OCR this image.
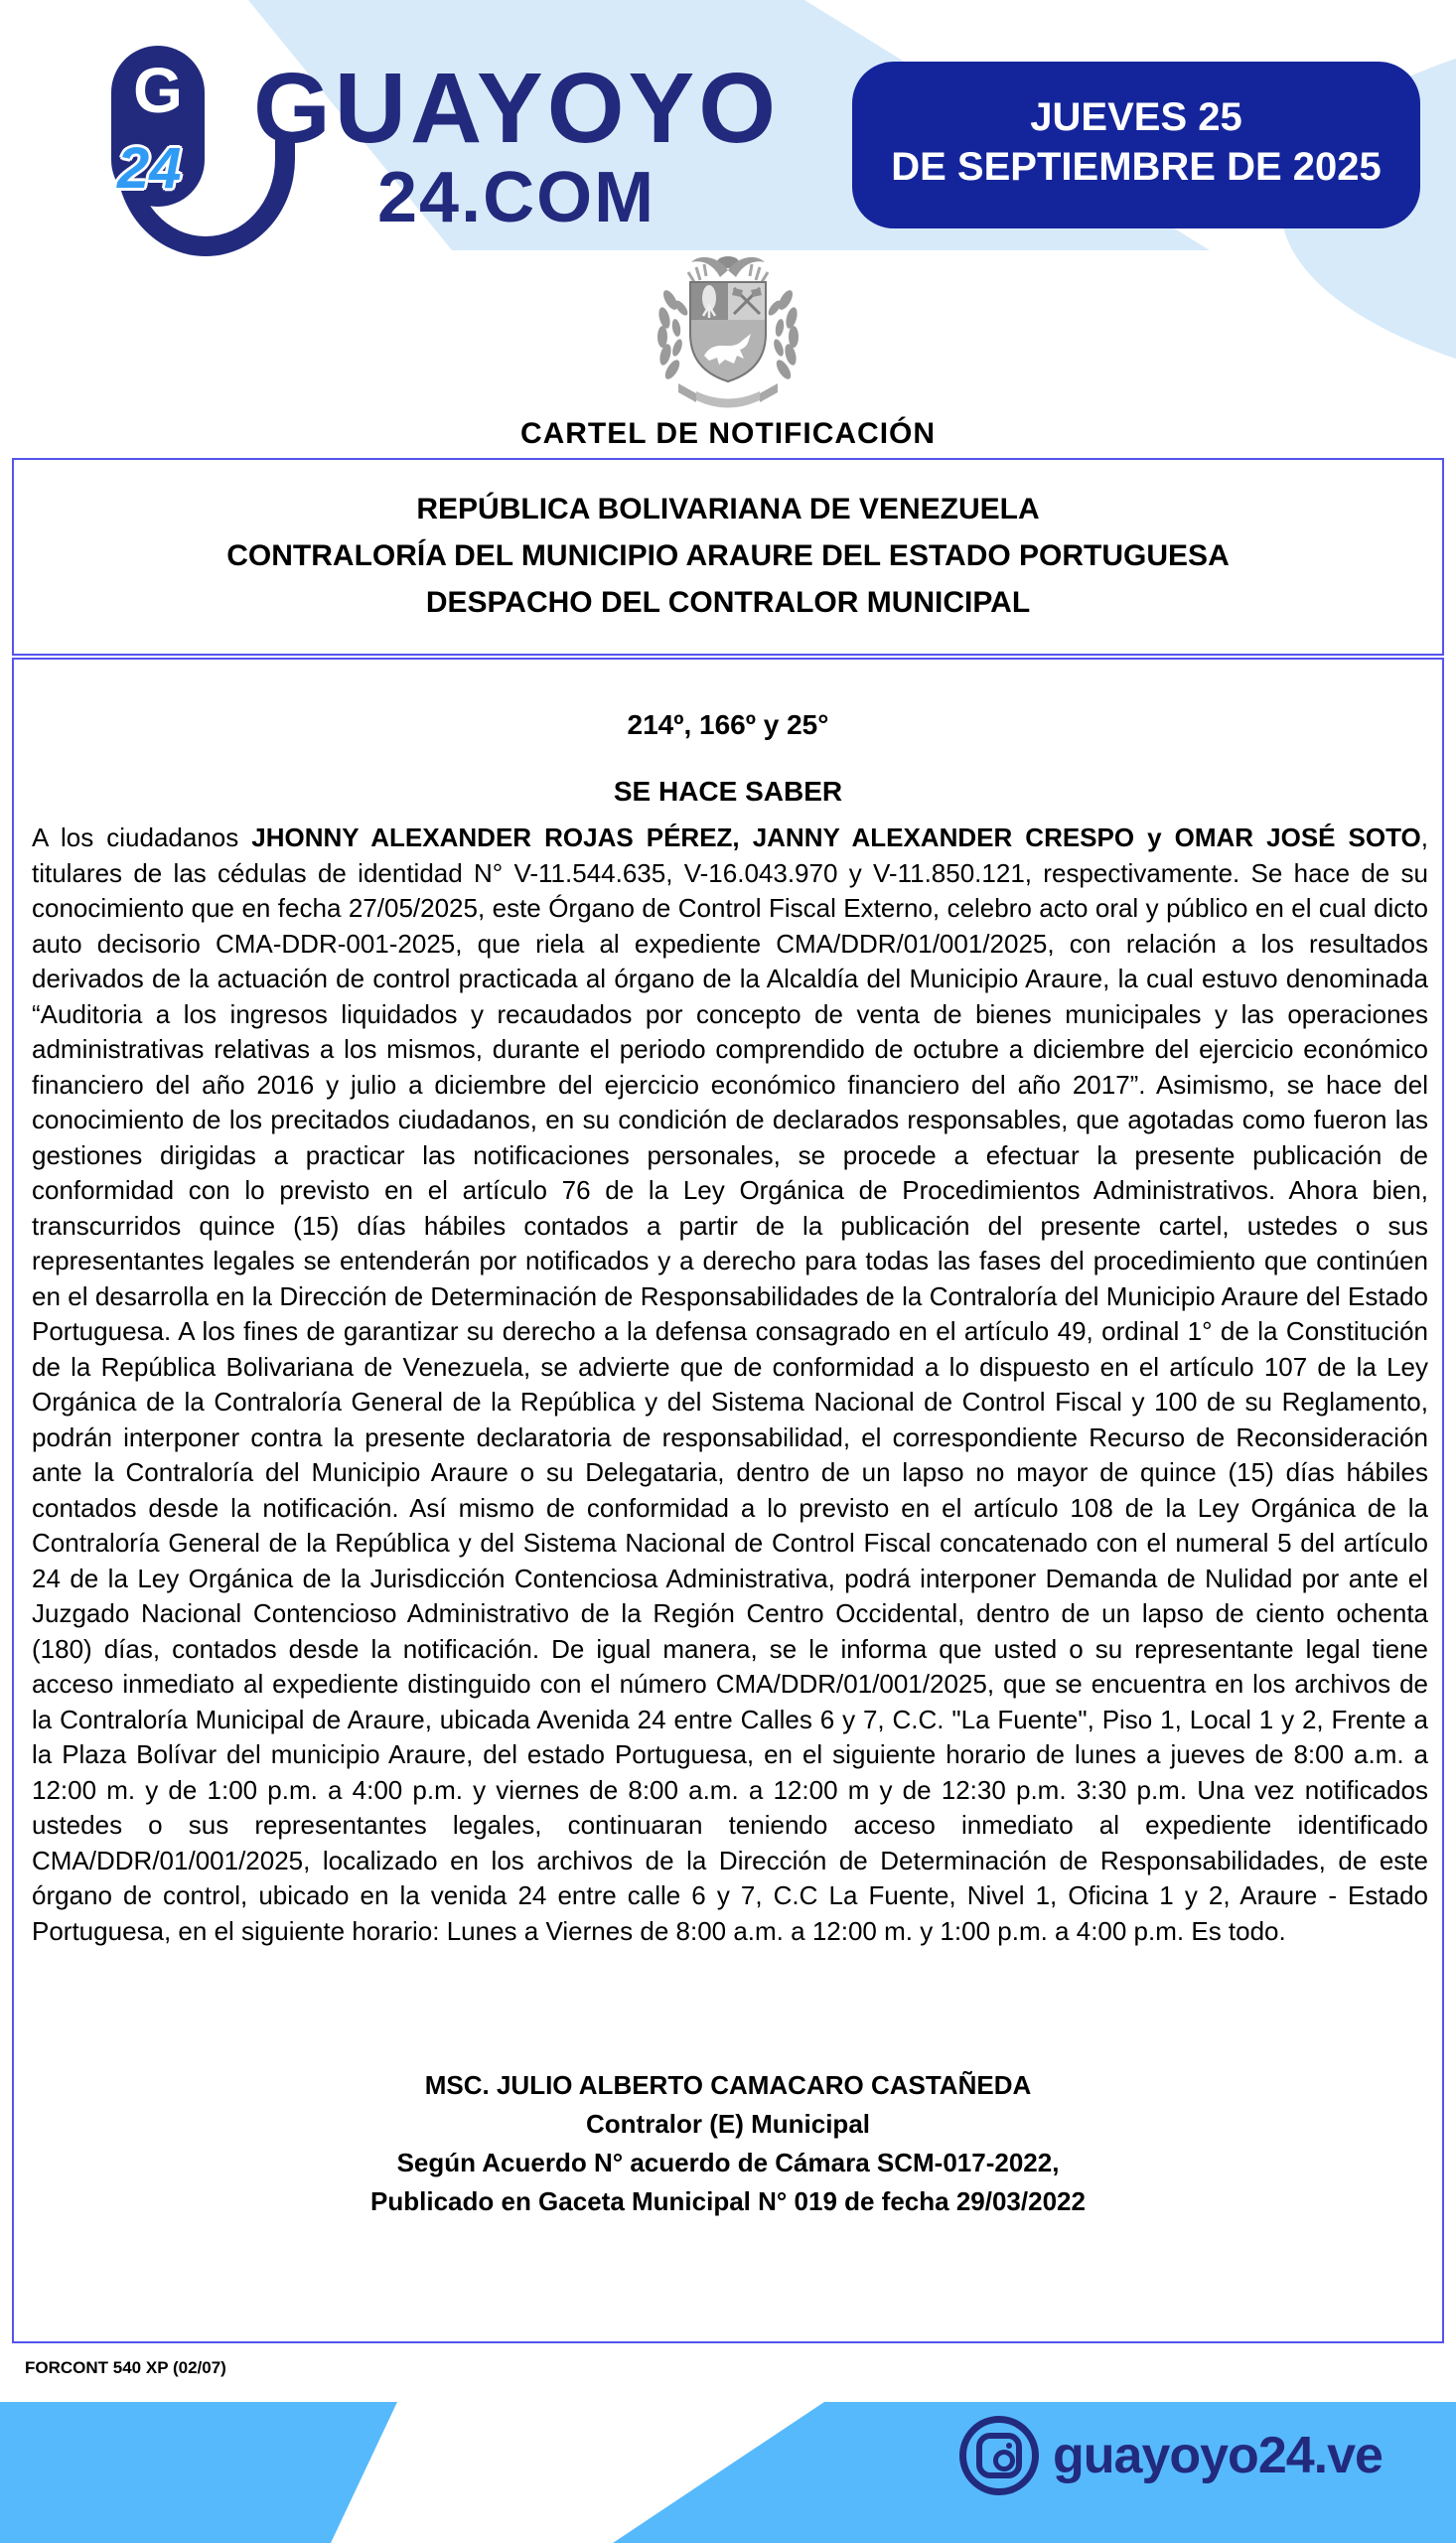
G
24
GUAYOYO
24.COM
JUEVES 25
DE SEPTIEMBRE DE 2025
CARTEL DE NOTIFICACIÓN
REPÚBLICA BOLIVARIANA DE VENEZUELA
CONTRALORÍA DEL MUNICIPIO ARAURE DEL ESTADO PORTUGUESA
DESPACHO DEL CONTRALOR MUNICIPAL
214º, 166º y 25°
SE HACE SABER
A los ciudadanos JHONNY ALEXANDER ROJAS PÉREZ, JANNY ALEXANDER CRESPO y OMAR JOSÉ SOTO, titulares de las cédulas de identidad N° V-11.544.635, V-16.043.970 y V-11.850.121, respectivamente. Se hace de su conocimiento que en fecha 27/05/2025, este Órgano de Control Fiscal Externo, celebro acto oral y público en el cual dicto auto decisorio CMA-DDR-001-2025, que riela al expediente CMA/DDR/01/001/2025, con relación a los resultados derivados de la actuación de control practicada al órgano de la Alcaldía del Municipio Araure, la cual estuvo denominada “Auditoria a los ingresos liquidados y recaudados por concepto de venta de bienes municipales y las operaciones administrativas relativas a los mismos, durante el periodo comprendido de octubre a diciembre del ejercicio económico financiero del año 2016 y julio a diciembre del ejercicio económico financiero del año 2017”. Asimismo, se hace del conocimiento de los precitados ciudadanos, en su condición de declarados responsables, que agotadas como fueron las gestiones dirigidas a practicar las notificaciones personales, se procede a efectuar la presente publicación de conformidad con lo previsto en el artículo 76 de la Ley Orgánica de Procedimientos Administrativos. Ahora bien, transcurridos quince (15) días hábiles contados a partir de la publicación del presente cartel, ustedes o sus representantes legales se entenderán por notificados y a derecho para todas las fases del procedimiento que continúen en el desarrolla en la Dirección de Determinación de Responsabilidades de la Contraloría del Municipio Araure del Estado Portuguesa. A los fines de garantizar su derecho a la defensa consagrado en el artículo 49, ordinal 1° de la Constitución de la República Bolivariana de Venezuela, se advierte que de conformidad a lo dispuesto en el artículo 107 de la Ley Orgánica de la Contraloría General de la República y del Sistema Nacional de Control Fiscal y 100 de su Reglamento, podrán interponer contra la presente declaratoria de responsabilidad, el correspondiente Recurso de Reconsideración ante la Contraloría del Municipio Araure o su Delegataria, dentro de un lapso no mayor de quince (15) días hábiles contados desde la notificación. Así mismo de conformidad a lo previsto en el artículo 108 de la Ley Orgánica de la Contraloría General de la República y del Sistema Nacional de Control Fiscal concatenado con el numeral 5 del artículo 24 de la Ley Orgánica de la Jurisdicción Contenciosa Administrativa, podrá interponer Demanda de Nulidad por ante el Juzgado Nacional Contencioso Administrativo de la Región Centro Occidental, dentro de un lapso de ciento ochenta (180) días, contados desde la notificación. De igual manera, se le informa que usted o su representante legal tiene acceso inmediato al expediente distinguido con el número CMA/DDR/01/001/2025, que se encuentra en los archivos de la Contraloría Municipal de Araure, ubicada Avenida 24 entre Calles 6 y 7, C.C. "La Fuente", Piso 1, Local 1 y 2, Frente a la Plaza Bolívar del municipio Araure, del estado Portuguesa, en el siguiente horario de lunes a jueves de 8:00 a.m. a 12:00 m. y de 1:00 p.m. a 4:00 p.m. y viernes de 8:00 a.m. a 12:00 m y de 12:30 p.m. 3:30 p.m. Una vez notificados ustedes o sus representantes legales, continuaran teniendo acceso inmediato al expediente identificado CMA/DDR/01/001/2025, localizado en los archivos de la Dirección de Determinación de Responsabilidades, de este órgano de control, ubicado en la venida 24 entre calle 6 y 7, C.C La Fuente, Nivel 1, Oficina 1 y 2, Araure - Estado Portuguesa, en el siguiente horario: Lunes a Viernes de 8:00 a.m. a 12:00 m. y 1:00 p.m. a 4:00 p.m. Es todo.
MSC. JULIO ALBERTO CAMACARO CASTAÑEDA
Contralor (E) Municipal
Según Acuerdo N° acuerdo de Cámara SCM-017-2022,
Publicado en Gaceta Municipal N° 019 de fecha 29/03/2022
FORCONT 540 XP (02/07)
guayoyo24.ve
